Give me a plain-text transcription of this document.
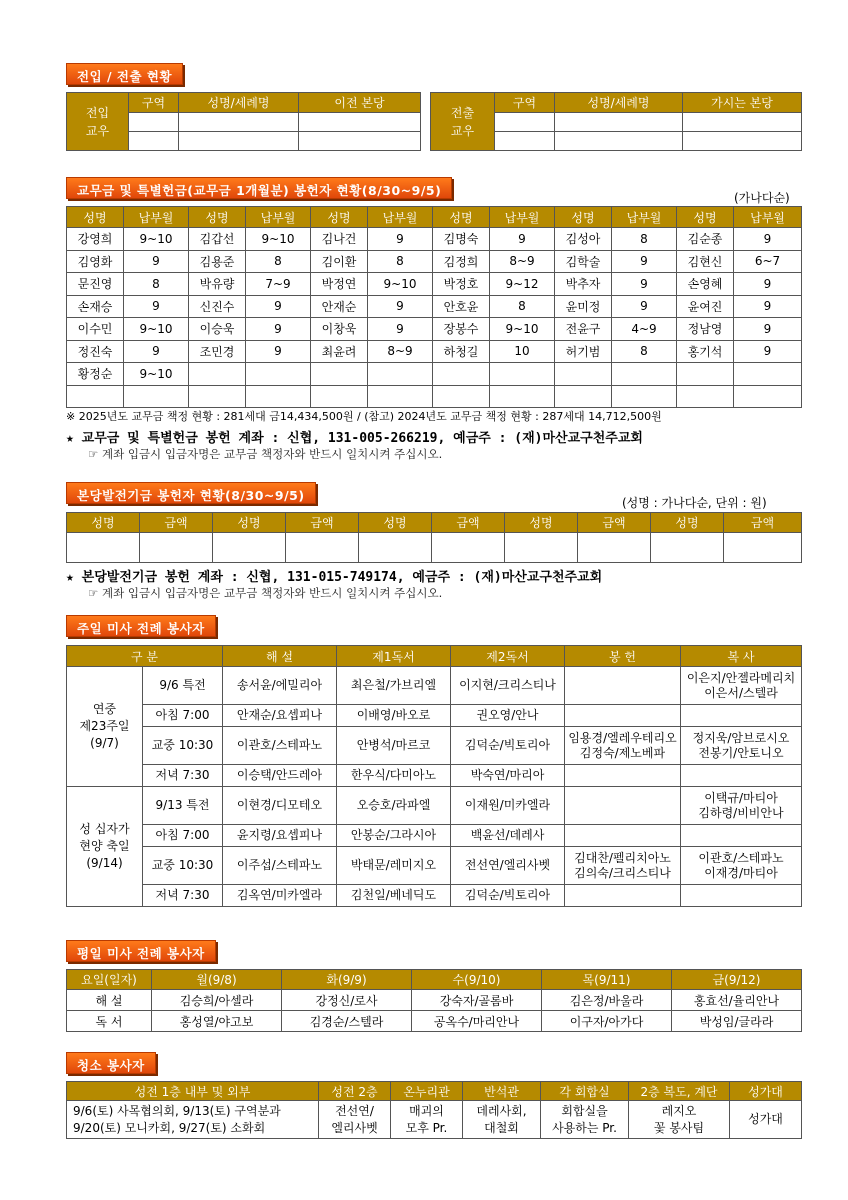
전입 / 전출 현황
전입
교우	구역	성명/세례명	이전 본당

전출
교우	구역	성명/세례명	가시는 본당

교무금 및 특별헌금(교무금 1개월분) 봉헌자 현황(8/30~9/5)	(가나다순)
성명	납부월	성명	납부월	성명	납부월	성명	납부월	성명	납부월	성명	납부월
강영희	9~10	김갑선	9~10	김나건	9	김명숙	9	김성아	8	김순종	9
김영화	9	김용준	8	김이환	8	김정희	8~9	김학술	9	김현신	6~7
문진영	8	박유량	7~9	박정연	9~10	박정호	9~12	박추자	9	손영혜	9
손재승	9	신진수	9	안재순	9	안호윤	8	윤미정	9	윤여진	9
이수민	9~10	이승욱	9	이창욱	9	장봉수	9~10	전윤구	4~9	정남영	9
정진숙	9	조민경	9	최윤려	8~9	하청길	10	허기범	8	홍기석	9
황정순	9~10										

※ 2025년도 교무금 책정 현황 : 281세대 금14,434,500원 / (참고) 2024년도 교무금 책정 현황 : 287세대 14,712,500원
★ 교무금 및 특별헌금 봉헌 계좌 : 신협, 131-005-266219, 예금주 : (재)마산교구천주교회
☞ 계좌 입금시 입금자명은 교무금 책정자와 반드시 일치시켜 주십시오.
본당발전기금 봉헌자 현황(8/30~9/5)	(성명 : 가나다순, 단위 : 원)
성명	금액	성명	금액	성명	금액	성명	금액	성명	금액

★ 본당발전기금 봉헌 계좌 : 신협, 131-015-749174, 예금주 : (재)마산교구천주교회
☞ 계좌 입금시 입금자명은 교무금 책정자와 반드시 일치시켜 주십시오.
주일 미사 전례 봉사자
구 분		해 설	제1독서	제2독서	봉 헌	복 사
연중
제23주일
(9/7)	9/6 특전	송서윤/에밀리아	최은철/가브리엘	이지현/크리스티나		이은지/안젤라메리치
이은서/스텔라
	아침 7:00	안재순/요셉피나	이배영/바오로	권오영/안나		
	교중 10:30	이관호/스테파노	안병석/마르코	김덕순/빅토리아	임용경/엘레우테리오
김정숙/제노베파	정지욱/암브로시오
전봉기/안토니오
	저녁 7:30	이승택/안드레아	한우식/다미아노	박숙연/마리아		
성 십자가
현양 축일
(9/14)	9/13 특전	이현경/디모테오	오승호/라파엘	이재원/미카엘라		이택규/마티아
김하령/비비안나
	아침 7:00	윤지령/요셉피나	안봉순/그라시아	백윤선/데레사		
	교중 10:30	이주섭/스테파노	박태문/레미지오	전선연/엘리사벳	김대찬/펠리치아노
김의숙/크리스티나	이관호/스테파노
이재경/마티아
	저녁 7:30	김옥연/미카엘라	김천일/베네딕도	김덕순/빅토리아		
평일 미사 전례 봉사자
요일(일자)	월(9/8)	화(9/9)	수(9/10)	목(9/11)	금(9/12)
해 설	김승희/아셀라	강정신/로사	강숙자/골롬바	김은정/바울라	홍효선/율리안나
독 서	홍성열/야고보	김경순/스텔라	공옥수/마리안나	이구자/아가다	박성임/글라라
청소 봉사자
성전 1층 내부 및 외부	성전 2층	온누리관	반석관	각 회합실	2층 복도, 계단	성가대
9/6(토) 사목협의회, 9/13(토) 구역분과
9/20(토) 모니카회, 9/27(토) 소화회	전선연/
엘리사벳	매괴의
모후 Pr.	데레사회,
대철회	회합실을
사용하는 Pr.	레지오
꽃 봉사팀	성가대
